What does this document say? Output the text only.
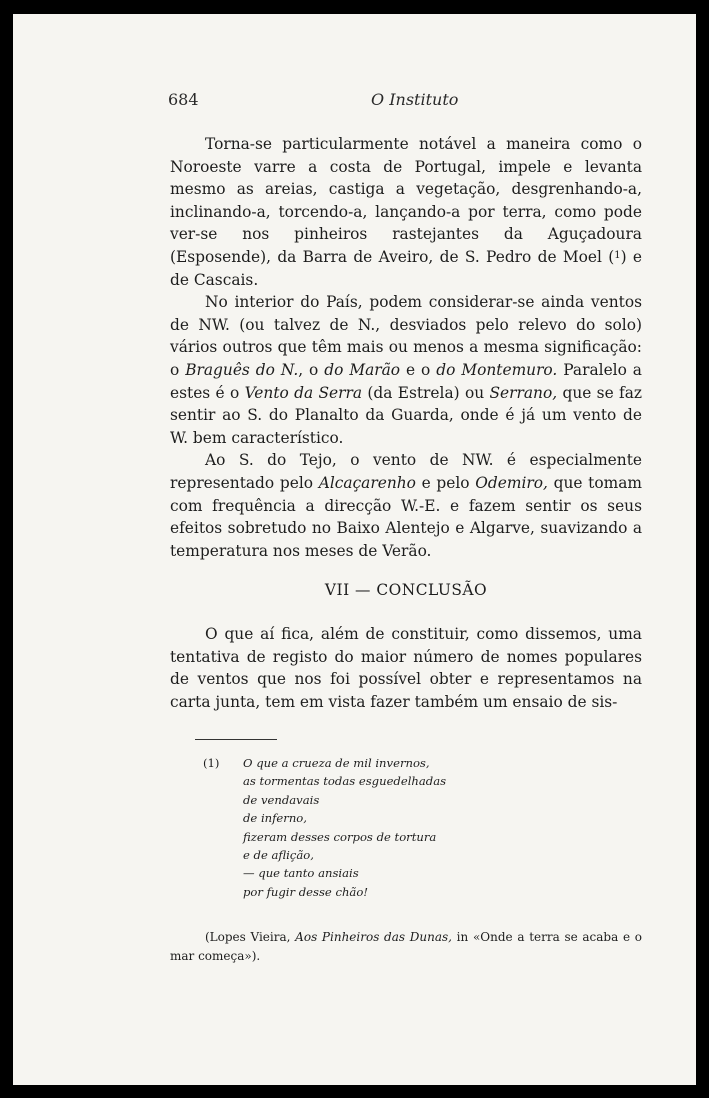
684	O Instituto

Torna-se particularmente notável a maneira como o Noroeste varre a costa de Portugal, impele e levanta mesmo as areias, castiga a vegetação, desgrenhando-a, inclinando-a, torcendo-a, lançando-a por terra, como pode ver-se nos pinheiros rastejantes da Aguçadoura (Esposende), da Barra de Aveiro, de S. Pedro de Moel ($^1$) e de Cascais.

No interior do País, podem considerar-se ainda ventos de NW. (ou talvez de N., desviados pelo relevo do solo) vários outros que têm mais ou menos a mesma significação: o Braguês do N., o do Marão e o do Montemuro. Paralelo a estes é o Vento da Serra (da Estrela) ou Serrano, que se faz sentir ao S. do Planalto da Guarda, onde é já um vento de W. bem característico.

Ao S. do Tejo, o vento de NW. é especialmente representado pelo Alcaçarenho e pelo Odemiro, que tomam com frequência a direcção W.-E. e fazem sentir os seus efeitos sobretudo no Baixo Alentejo e Algarve, suavizando a temperatura nos meses de Verão.

VII — CONCLUSÃO

O que aí fica, além de constituir, como dissemos, uma tentativa de registo do maior número de nomes populares de ventos que nos foi possível obter e representamos na carta junta, tem em vista fazer também um ensaio de sis-

(1) O que a crueza de mil invernos,
as tormentas todas esguedelhadas
de vendavais
de inferno,
fizeram desses corpos de tortura
e de aflição,
— que tanto ansiais
por fugir desse chão!

(Lopes Vieira, Aos Pinheiros das Dunas, in «Onde a terra se acaba e o mar começa»).
